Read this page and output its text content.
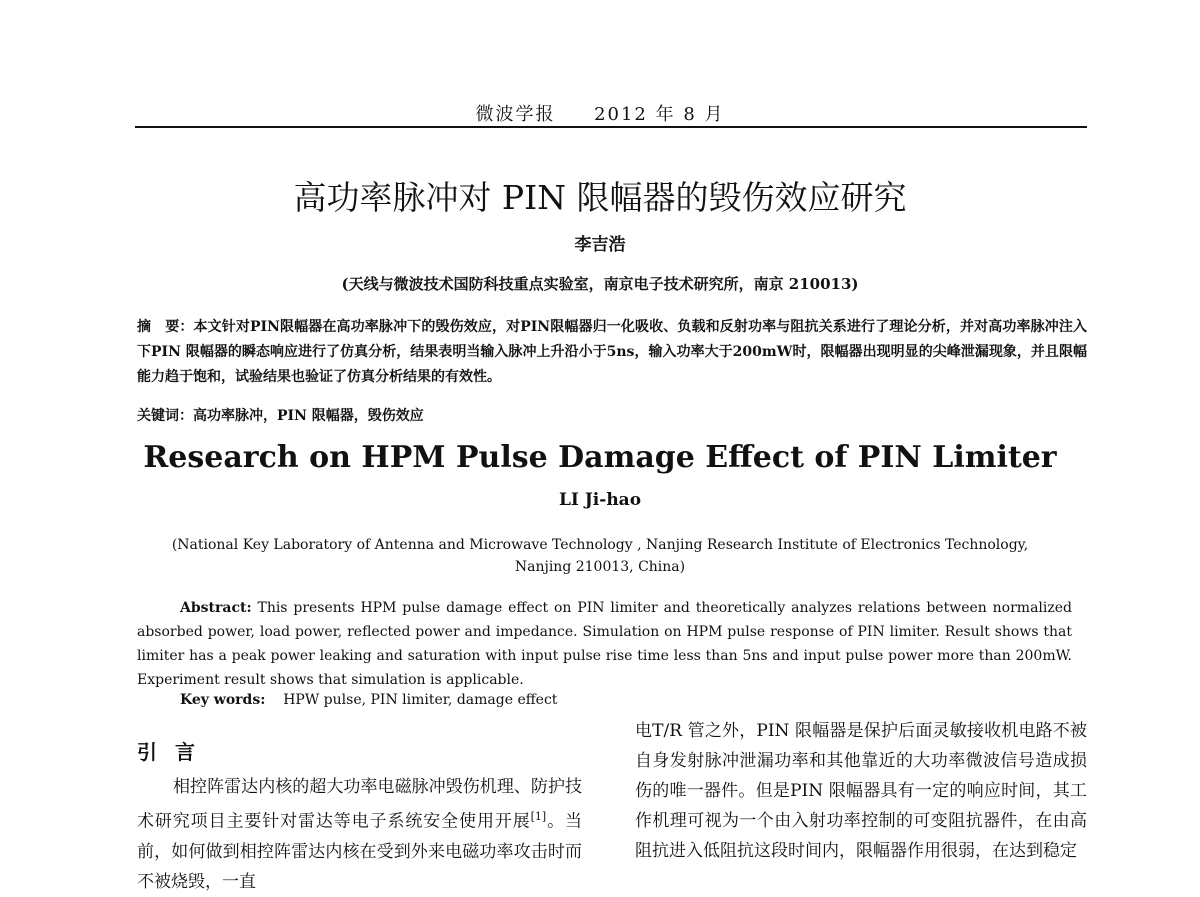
微波学报 2012 年 8 月
高功率脉冲对 PIN 限幅器的毁伤效应研究
李吉浩
(天线与微波技术国防科技重点实验室，南京电子技术研究所，南京 210013)
摘　要：本文针对PIN限幅器在高功率脉冲下的毁伤效应，对PIN限幅器归一化吸收、负载和反射功率与阻抗关系进行了理论分析，并对高功率脉冲注入下PIN 限幅器的瞬态响应进行了仿真分析，结果表明当输入脉冲上升沿小于5ns，输入功率大于200mW时，限幅器出现明显的尖峰泄漏现象，并且限幅能力趋于饱和，试验结果也验证了仿真分析结果的有效性。
关键词：高功率脉冲，PIN 限幅器，毁伤效应
Research on HPM Pulse Damage Effect of PIN Limiter
LI Ji-hao
(National Key Laboratory of Antenna and Microwave Technology , Nanjing Research Institute of Electronics Technology, Nanjing 210013, China)
Abstract: This presents HPM pulse damage effect on PIN limiter and theoretically analyzes relations between normalized absorbed power, load power, reflected power and impedance. Simulation on HPM pulse response of PIN limiter. Result shows that limiter has a peak power leaking and saturation with input pulse rise time less than 5ns and input pulse power more than 200mW. Experiment result shows that simulation is applicable.
Key words: HPW pulse, PIN limiter, damage effect
引言
相控阵雷达内核的超大功率电磁脉冲毁伤机理、防护技术研究项目主要针对雷达等电子系统安全使用开展[1]。当前，如何做到相控阵雷达内核在受到外来电磁功率攻击时而不被烧毁，一直
电T/R 管之外，PIN 限幅器是保护后面灵敏接收机电路不被自身发射脉冲泄漏功率和其他靠近的大功率微波信号造成损伤的唯一器件。但是PIN 限幅器具有一定的响应时间，其工作机理可视为一个由入射功率控制的可变阻抗器件，在由高阻抗进入低阻抗这段时间内，限幅器作用很弱，在达到稳定
